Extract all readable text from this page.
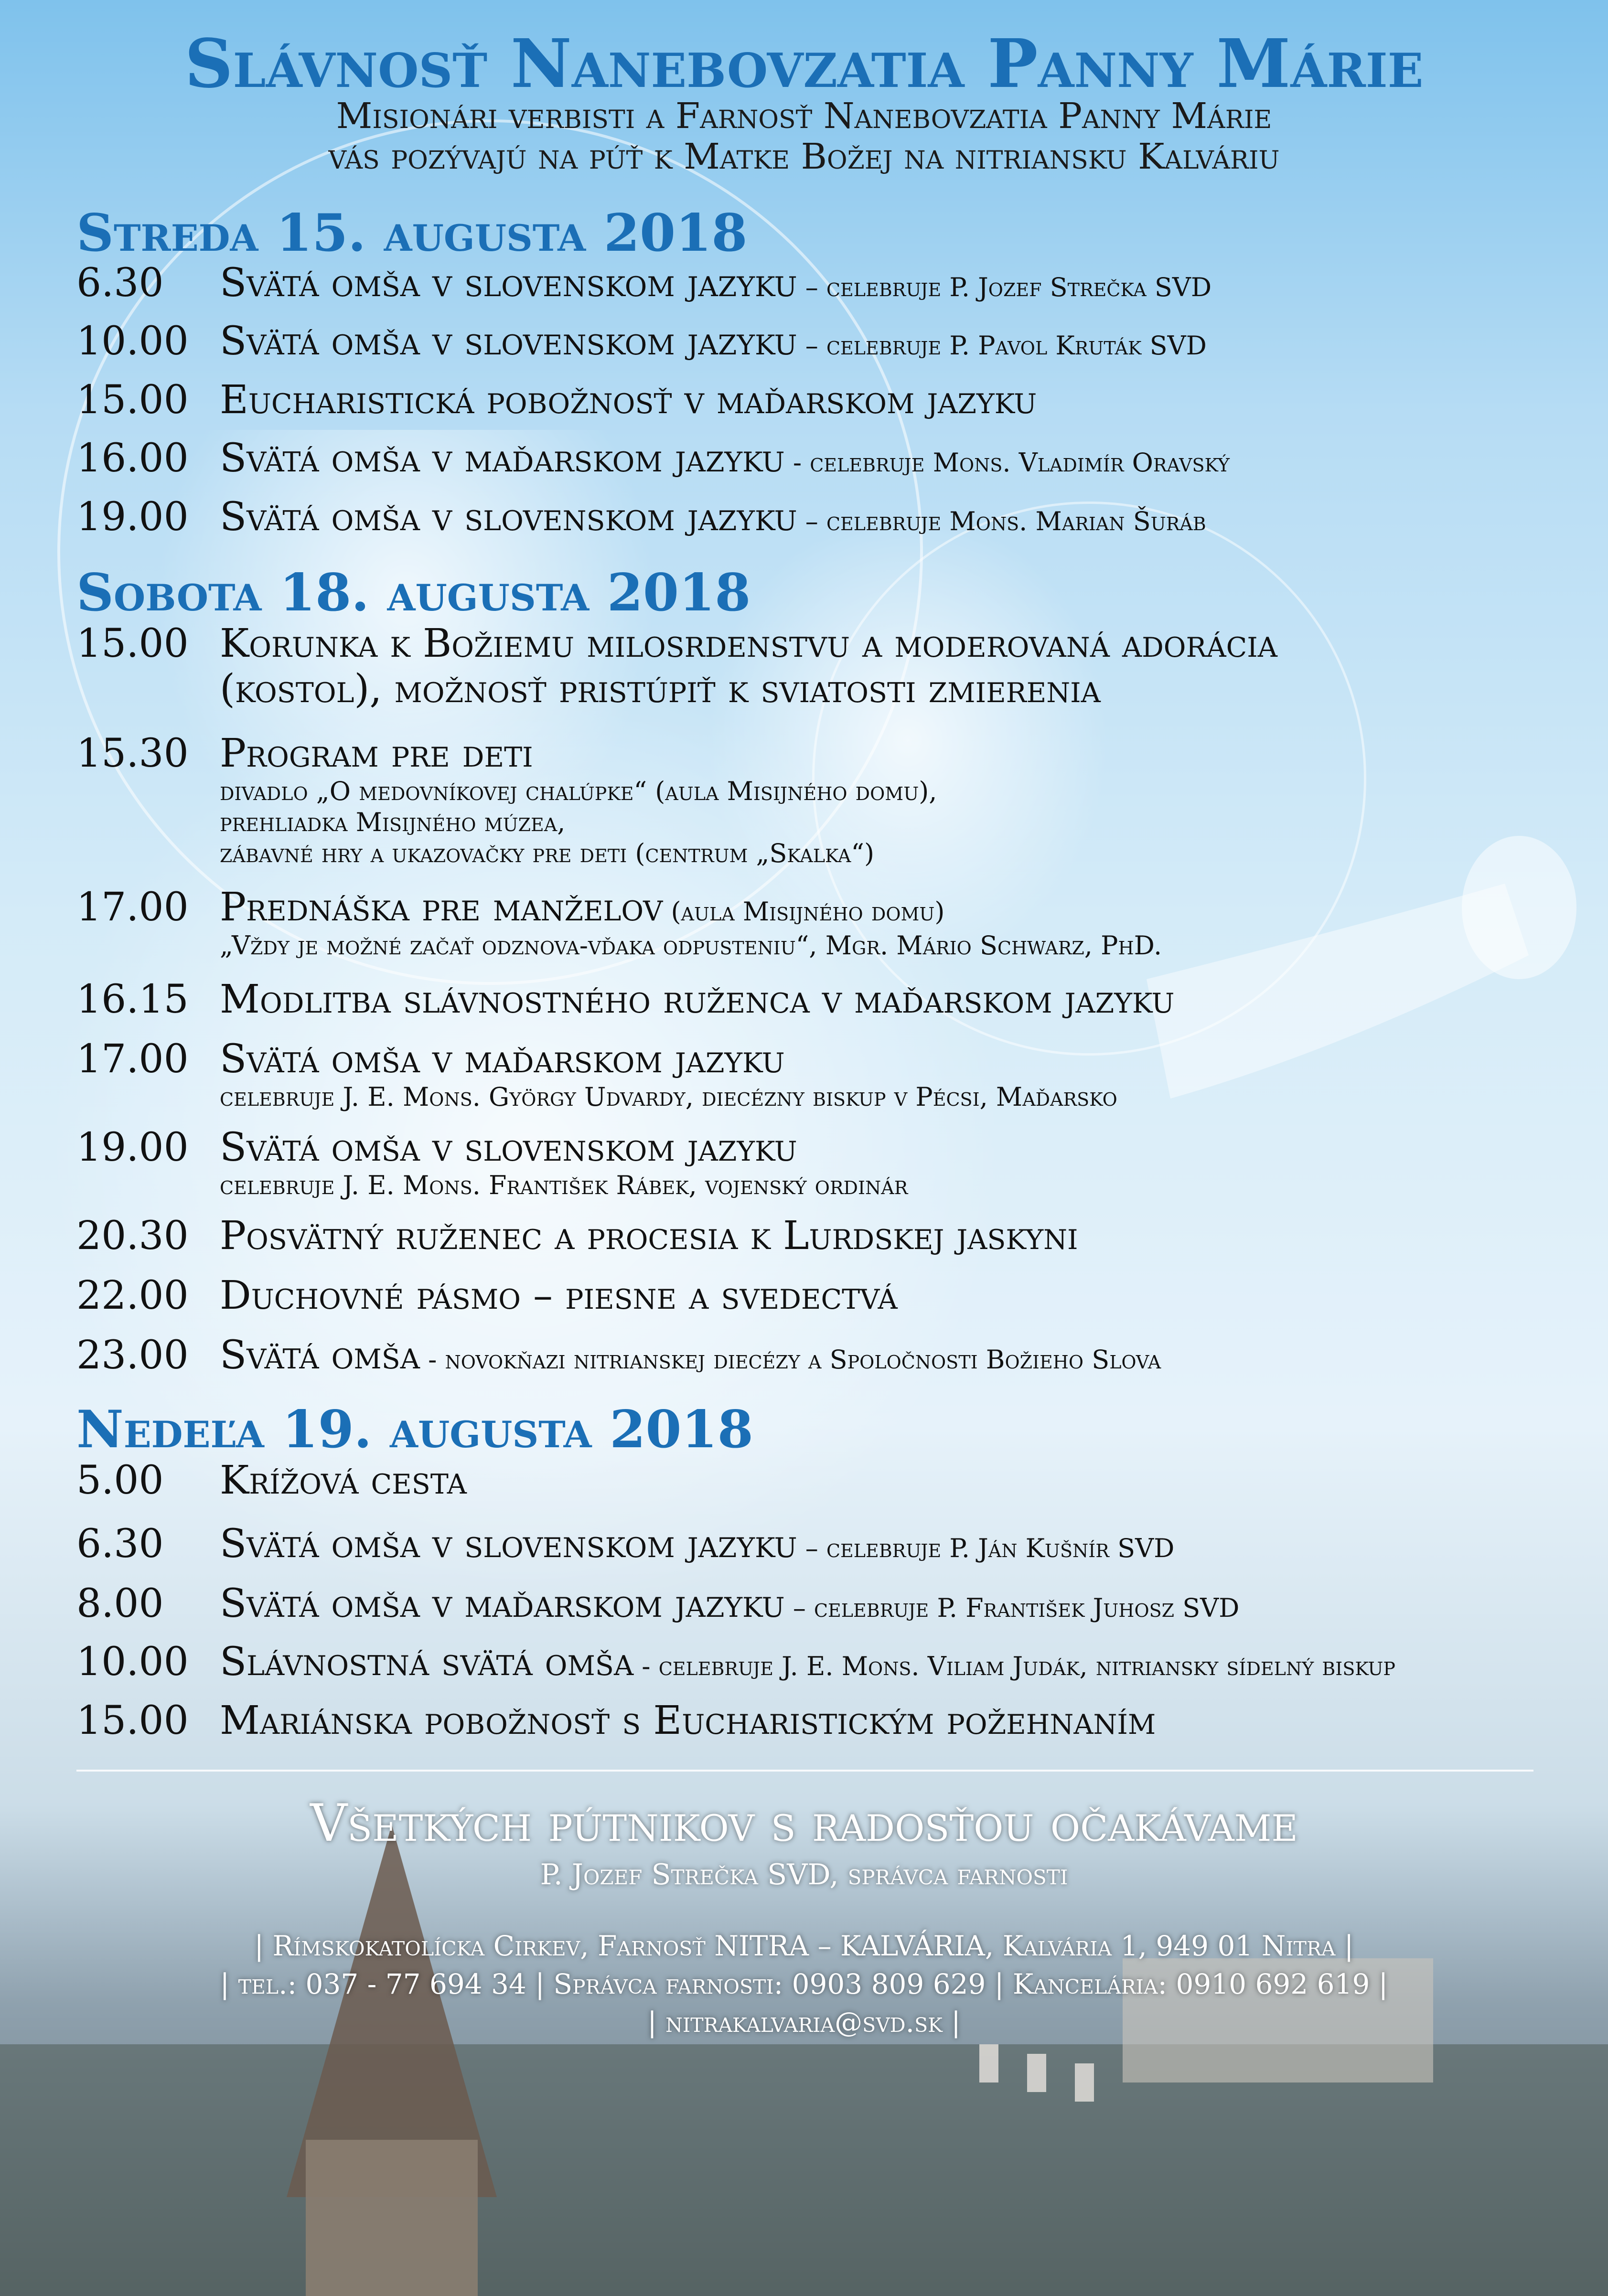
Slávnosť Nanebovzatia Panny Márie
Misionári verbisti a Farnosť Nanebovzatia Panny Márie
vás pozývajú na púť k Matke Božej na nitriansku Kalváriu
Streda 15. augusta 2018
6.30 Svätá omša v slovenskom jazyku – celebruje P. Jozef Strečka SVD
10.00 Svätá omša v slovenskom jazyku – celebruje P. Pavol Kruták SVD
15.00 Eucharistická pobožnosť v maďarskom jazyku
16.00 Svätá omša v maďarskom jazyku - celebruje Mons. Vladimír Oravský
19.00 Svätá omša v slovenskom jazyku – celebruje Mons. Marian Šuráb
Sobota 18. augusta 2018
15.00 Korunka k Božiemu milosrdenstvu a moderovaná adorácia
(kostol), možnosť pristúpiť k sviatosti zmierenia
15.30 Program pre deti
divadlo „O medovníkovej chalúpke“ (aula Misijného domu),
prehliadka Misijného múzea,
zábavné hry a ukazovačky pre deti (centrum „Skalka“)
17.00 Prednáška pre manželov (aula Misijného domu)
„Vždy je možné začať odznova-vďaka odpusteniu“, Mgr. Mário Schwarz, PhD.
16.15 Modlitba slávnostného ruženca v maďarskom jazyku
17.00 Svätá omša v maďarskom jazyku
celebruje J. E. Mons. György Udvardy, diecézny biskup v Pécsi, Maďarsko
19.00 Svätá omša v slovenskom jazyku
celebruje J. E. Mons. František Rábek, vojenský ordinár
20.30 Posvätný ruženec a procesia k Lurdskej jaskyni
22.00 Duchovné pásmo – piesne a svedectvá
23.00 Svätá omša - novokňazi nitrianskej diecézy a Spoločnosti Božieho Slova
Nedeľa 19. augusta 2018
5.00 Krížová cesta
6.30 Svätá omša v slovenskom jazyku – celebruje P. Ján Kušnír SVD
8.00 Svätá omša v maďarskom jazyku – celebruje P. František Juhosz SVD
10.00 Slávnostná svätá omša - celebruje J. E. Mons. Viliam Judák, nitriansky sídelný biskup
15.00 Mariánska pobožnosť s Eucharistickým požehnaním
Všetkých pútnikov s radosťou očakávame
P. Jozef Strečka SVD, správca farnosti
| Rímskokatolícka Cirkev, Farnosť NITRA – KALVÁRIA, Kalvária 1, 949 01 Nitra |
| tel.: 037 - 77 694 34 | Správca farnosti: 0903 809 629 | Kancelária: 0910 692 619 |
| nitrakalvaria@svd.sk |
